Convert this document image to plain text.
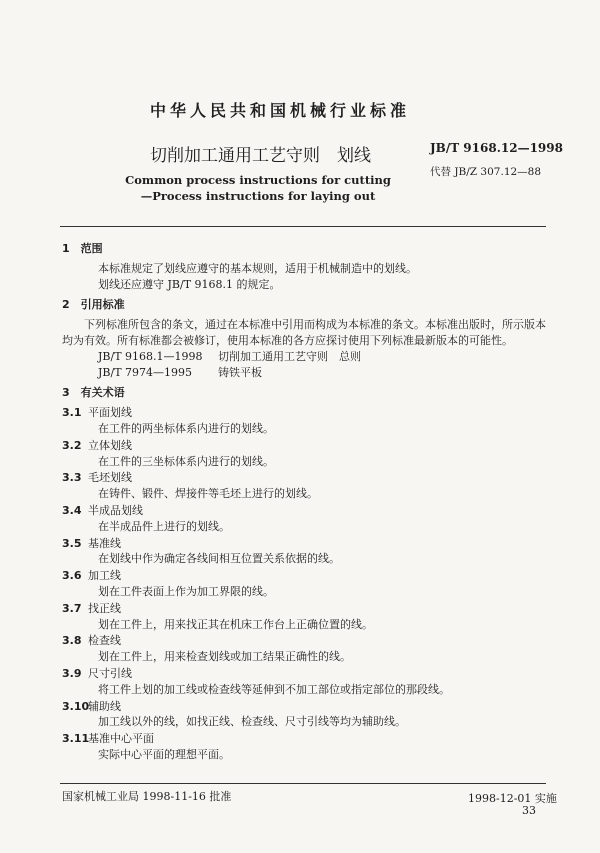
中华人民共和国机械行业标准
切削加工通用工艺守则　划线	JB/T 9168.12—1998
代替 JB/Z 307.12—88
Common process instructions for cutting
—Process instructions for laying out
1　范围
本标准规定了划线应遵守的基本规则，适用于机械制造中的划线。
划线还应遵守 JB/T 9168.1 的规定。
2　引用标准
下列标准所包含的条文，通过在本标准中引用而构成为本标准的条文。本标准出版时，所示版本均为有效。所有标准都会被修订，使用本标准的各方应探讨使用下列标准最新版本的可能性。
JB/T 9168.1—1998 切削加工通用工艺守则　总则
JB/T 7974—1995 铸铁平板
3　有关术语
3.1 平面划线
在工件的两坐标体系内进行的划线。
3.2 立体划线
在工件的三坐标体系内进行的划线。
3.3 毛坯划线
在铸件、锻件、焊接件等毛坯上进行的划线。
3.4 半成品划线
在半成品件上进行的划线。
3.5 基准线
在划线中作为确定各线间相互位置关系依据的线。
3.6 加工线
划在工件表面上作为加工界限的线。
3.7 找正线
划在工件上，用来找正其在机床工作台上正确位置的线。
3.8 检查线
划在工件上，用来检查划线或加工结果正确性的线。
3.9 尺寸引线
将工件上划的加工线或检查线等延伸到不加工部位或指定部位的那段线。
3.10辅助线
加工线以外的线，如找正线、检查线、尺寸引线等均为辅助线。
3.11基准中心平面
实际中心平面的理想平面。
国家机械工业局 1998-11-16 批准	1998-12-01 实施
33
